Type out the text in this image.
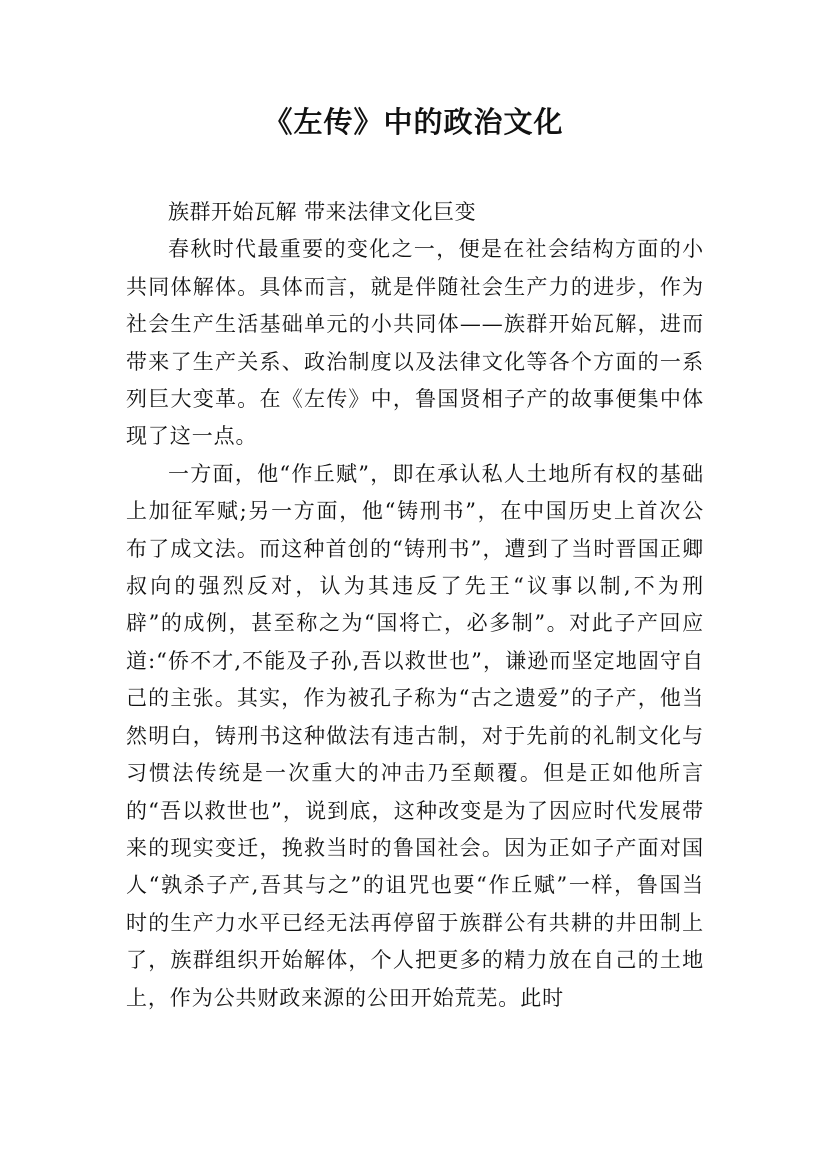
《左传》中的政治文化

族群开始瓦解 带来法律文化巨变

春秋时代最重要的变化之一，便是在社会结构方面的小共同体解体。具体而言，就是伴随社会生产力的进步，作为社会生产生活基础单元的小共同体——族群开始瓦解，进而带来了生产关系、政治制度以及法律文化等各个方面的一系列巨大变革。在《左传》中，鲁国贤相子产的故事便集中体现了这一点。

一方面，他“作丘赋”，即在承认私人土地所有权的基础上加征军赋;另一方面，他“铸刑书”，在中国历史上首次公布了成文法。而这种首创的“铸刑书”，遭到了当时晋国正卿叔向的强烈反对，认为其违反了先王“议事以制,不为刑辟”的成例，甚至称之为“国将亡，必多制”。对此子产回应道:“侨不才,不能及子孙,吾以救世也”，谦逊而坚定地固守自己的主张。其实，作为被孔子称为“古之遗爱”的子产，他当然明白，铸刑书这种做法有违古制，对于先前的礼制文化与习惯法传统是一次重大的冲击乃至颠覆。但是正如他所言的“吾以救世也”，说到底，这种改变是为了因应时代发展带来的现实变迁，挽救当时的鲁国社会。因为正如子产面对国人“孰杀子产,吾其与之”的诅咒也要“作丘赋”一样，鲁国当时的生产力水平已经无法再停留于族群公有共耕的井田制上了，族群组织开始解体，个人把更多的精力放在自己的土地上，作为公共财政来源的公田开始荒芜。此时
